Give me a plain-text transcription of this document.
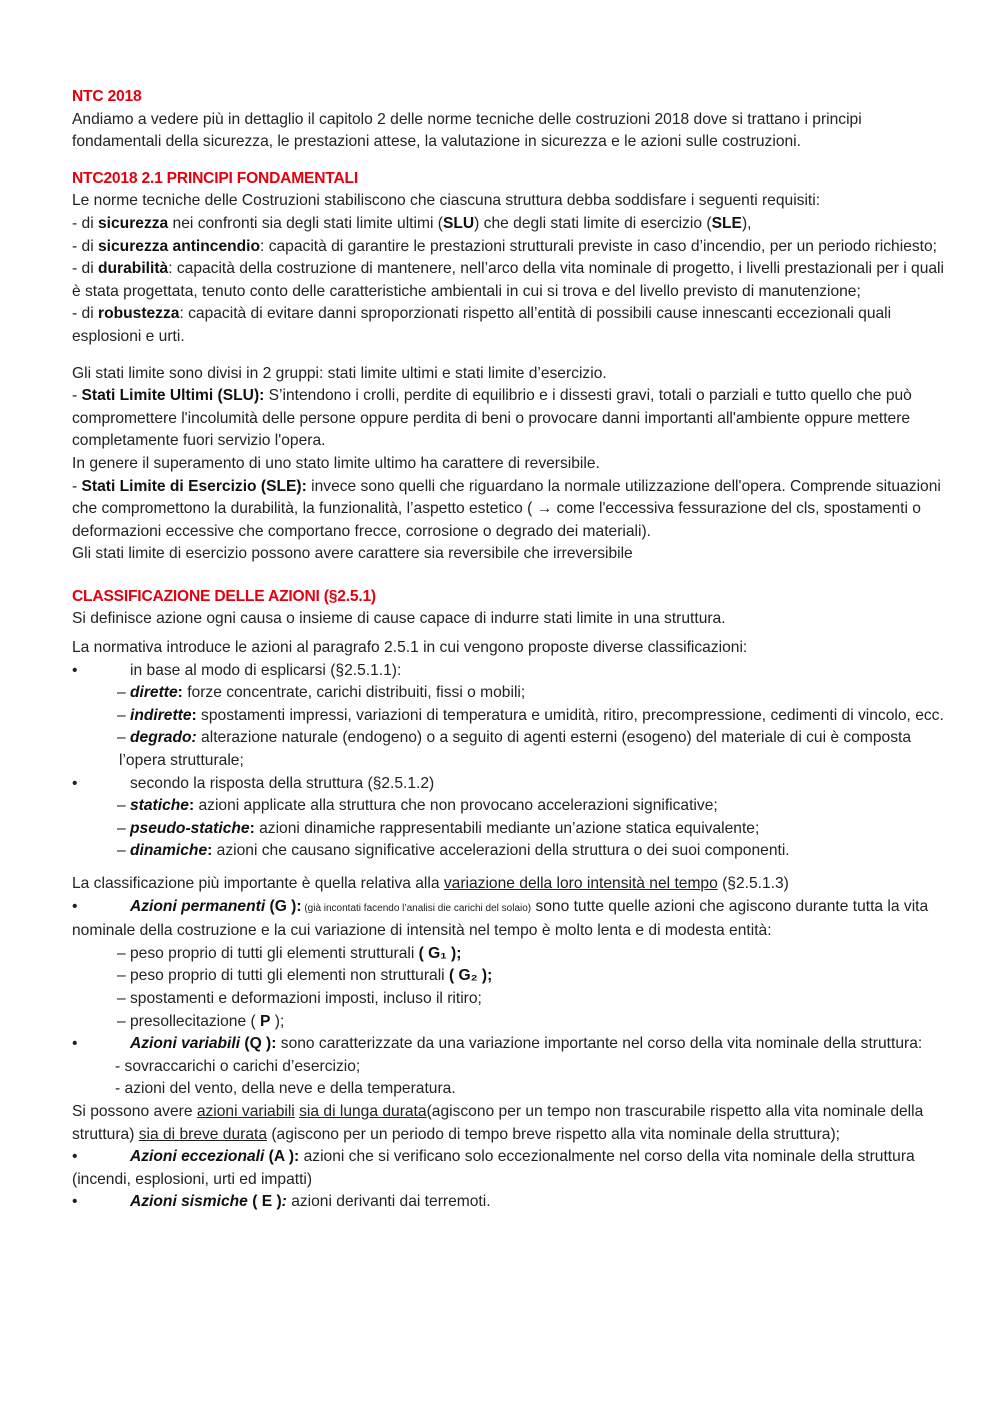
NTC 2018

Andiamo a vedere più in dettaglio il capitolo 2 delle norme tecniche delle costruzioni 2018 dove si trattano i principi fondamentali della sicurezza, le prestazioni attese, la valutazione in sicurezza e le azioni sulle costruzioni.

NTC2018 2.1 PRINCIPI FONDAMENTALI

Le norme tecniche delle Costruzioni stabiliscono che ciascuna struttura debba soddisfare i seguenti requisiti:

- di sicurezza nei confronti sia degli stati limite ultimi (SLU) che degli stati limite di esercizio (SLE),

- di sicurezza antincendio: capacità di garantire le prestazioni strutturali previste in caso d’incendio, per un periodo richiesto;

- di durabilità: capacità della costruzione di mantenere, nell’arco della vita nominale di progetto, i livelli prestazionali per i quali è stata progettata, tenuto conto delle caratteristiche ambientali in cui si trova e del livello previsto di manutenzione;

- di robustezza: capacità di evitare danni sproporzionati rispetto all’entità di possibili cause innescanti eccezionali quali esplosioni e urti.

Gli stati limite sono divisi in 2 gruppi: stati limite ultimi e stati limite d’esercizio.

- Stati Limite Ultimi (SLU): S’intendono i crolli, perdite di equilibrio e i dissesti gravi, totali o parziali e tutto quello che può compromettere l'incolumità delle persone oppure perdita di beni o provocare danni importanti all'ambiente oppure mettere completamente fuori servizio l'opera.

In genere il superamento di uno stato limite ultimo ha carattere di reversibile.

- Stati Limite di Esercizio (SLE): invece sono quelli che riguardano la normale utilizzazione dell'opera. Comprende situazioni che compromettono la durabilità, la funzionalità, l’aspetto estetico ( → come l'eccessiva fessurazione del cls, spostamenti o deformazioni eccessive che comportano frecce, corrosione o degrado dei materiali).

Gli stati limite di esercizio possono avere carattere sia reversibile che irreversibile

CLASSIFICAZIONE DELLE AZIONI (§2.5.1)

Si definisce azione ogni causa o insieme di cause capace di indurre stati limite in una struttura.

La normativa introduce le azioni al paragrafo 2.5.1 in cui vengono proposte diverse classificazioni:

•	in base al modo di esplicarsi (§2.5.1.1):

– dirette: forze concentrate, carichi distribuiti, fissi o mobili;

– indirette: spostamenti impressi, variazioni di temperatura e umidità, ritiro, precompressione, cedimenti di vincolo, ecc.

– degrado: alterazione naturale (endogeno) o a seguito di agenti esterni (esogeno) del materiale di cui è composta l’opera strutturale;

•	secondo la risposta della struttura (§2.5.1.2)

– statiche: azioni applicate alla struttura che non provocano accelerazioni significative;

– pseudo-statiche: azioni dinamiche rappresentabili mediante un’azione statica equivalente;

– dinamiche: azioni che causano significative accelerazioni della struttura o dei suoi componenti.

La classificazione più importante è quella relativa alla variazione della loro intensità nel tempo (§2.5.1.3)

•	Azioni permanenti (G ): (già incontati facendo l’analisi die carichi del solaio) sono tutte quelle azioni che agiscono durante tutta la vita nominale della costruzione e la cui variazione di intensità nel tempo è molto lenta e di modesta entità:

– peso proprio di tutti gli elementi strutturali ( G₁ );

– peso proprio di tutti gli elementi non strutturali ( G₂ );

– spostamenti e deformazioni imposti, incluso il ritiro;

– presollecitazione ( P );

•	Azioni variabili (Q ): sono caratterizzate da una variazione importante nel corso della vita nominale della struttura:

- sovraccarichi o carichi d’esercizio;

- azioni del vento, della neve e della temperatura.

Si possono avere azioni variabili sia di lunga durata(agiscono per un tempo non trascurabile rispetto alla vita nominale della struttura) sia di breve durata (agiscono per un periodo di tempo breve rispetto alla vita nominale della struttura);

•	Azioni eccezionali (A ): azioni che si verificano solo eccezionalmente nel corso della vita nominale della struttura (incendi, esplosioni, urti ed impatti)
•	Azioni sismiche ( E ): azioni derivanti dai terremoti.
